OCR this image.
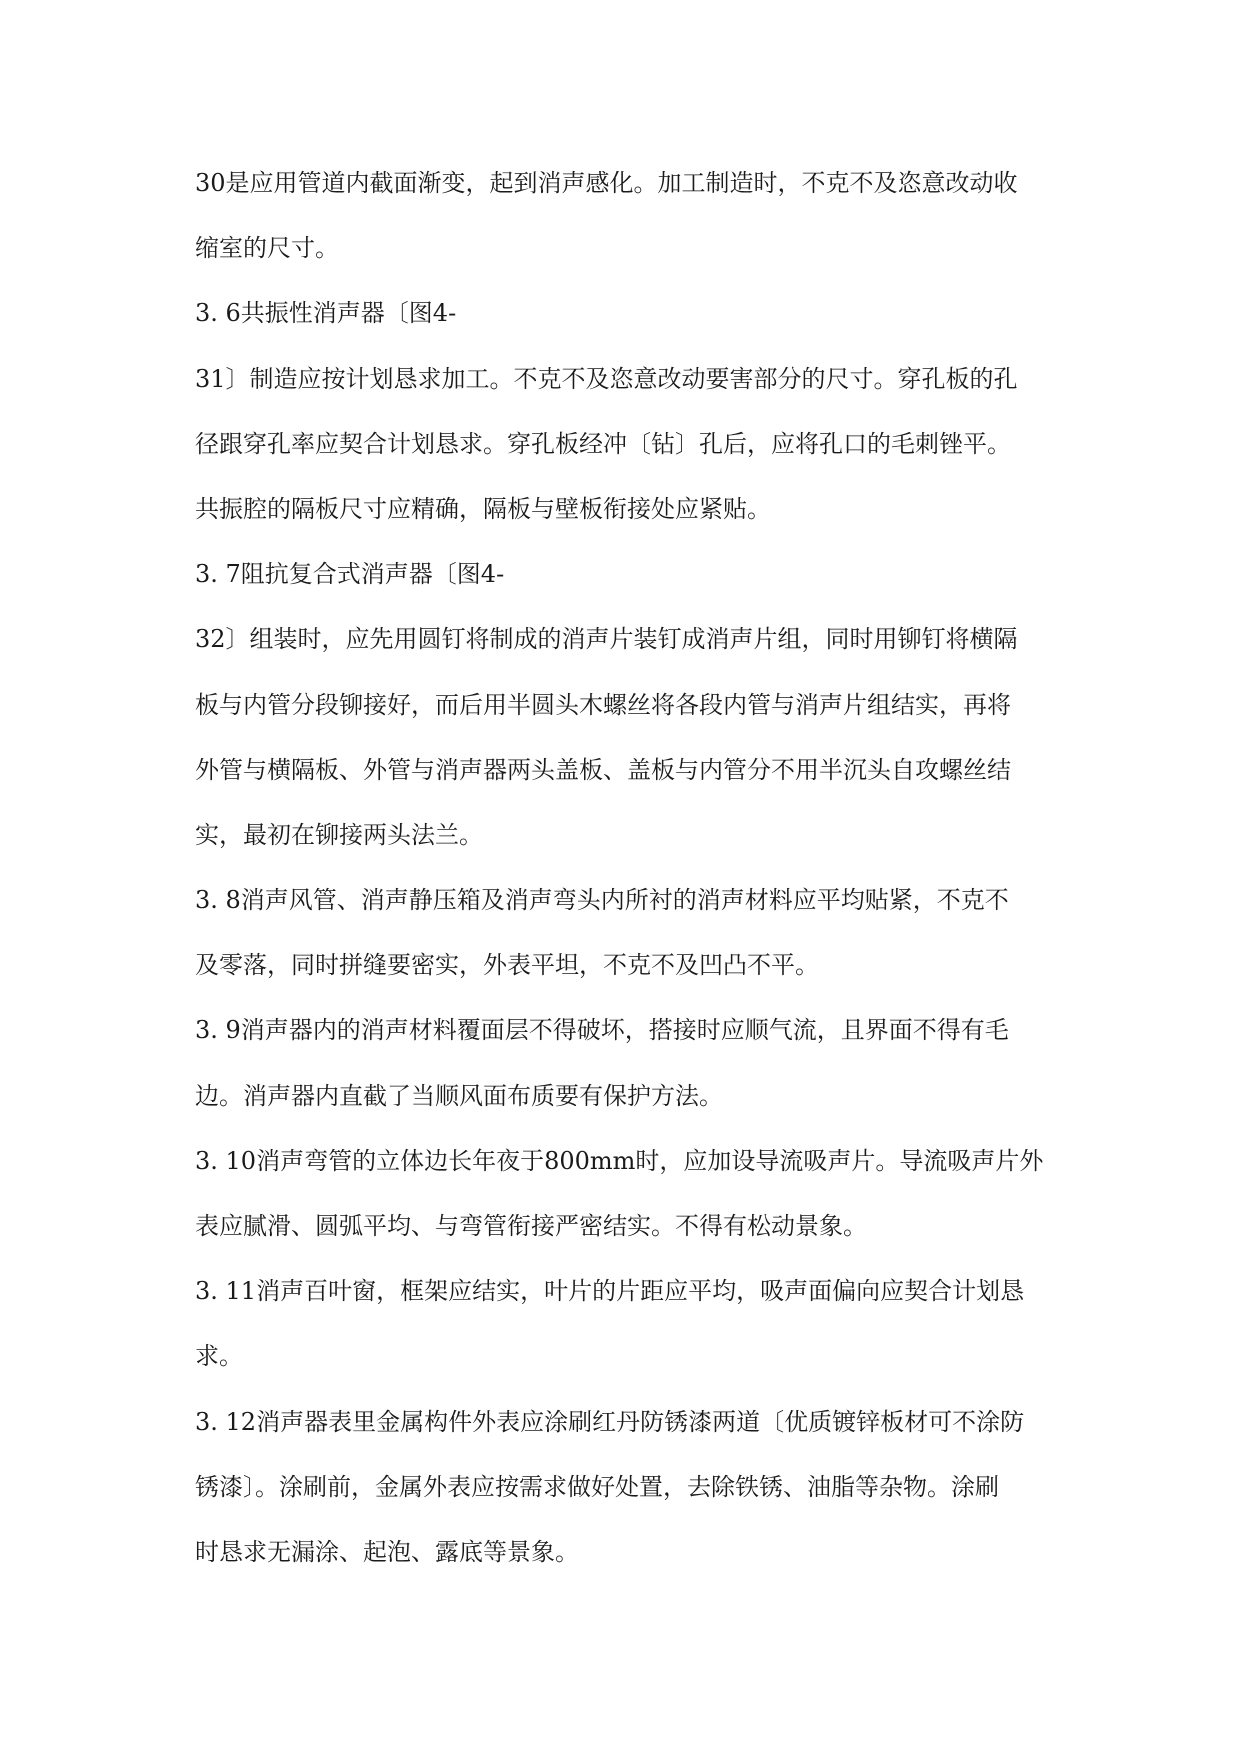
30是应用管道内截面渐变，起到消声感化。加工制造时，不克不及恣意改动收
缩室的尺寸。
3. 6共振性消声器〔图4-
31〕制造应按计划恳求加工。不克不及恣意改动要害部分的尺寸。穿孔板的孔
径跟穿孔率应契合计划恳求。穿孔板经冲〔钻〕孔后，应将孔口的毛刺锉平。
共振腔的隔板尺寸应精确，隔板与壁板衔接处应紧贴。
3. 7阻抗复合式消声器〔图4-
32〕组装时，应先用圆钉将制成的消声片装钉成消声片组，同时用铆钉将横隔
板与内管分段铆接好，而后用半圆头木螺丝将各段内管与消声片组结实，再将
外管与横隔板、外管与消声器两头盖板、盖板与内管分不用半沉头自攻螺丝结
实，最初在铆接两头法兰。
3. 8消声风管、消声静压箱及消声弯头内所衬的消声材料应平均贴紧，不克不
及零落，同时拼缝要密实，外表平坦，不克不及凹凸不平。
3. 9消声器内的消声材料覆面层不得破坏，搭接时应顺气流，且界面不得有毛
边。消声器内直截了当顺风面布质要有保护方法。
3. 10消声弯管的立体边长年夜于800mm时，应加设导流吸声片。导流吸声片外
表应腻滑、圆弧平均、与弯管衔接严密结实。不得有松动景象。
3. 11消声百叶窗，框架应结实，叶片的片距应平均，吸声面偏向应契合计划恳
求。
3. 12消声器表里金属构件外表应涂刷红丹防锈漆两道〔优质镀锌板材可不涂防
锈漆〕。涂刷前，金属外表应按需求做好处置，去除铁锈、油脂等杂物。涂刷
时恳求无漏涂、起泡、露底等景象。
